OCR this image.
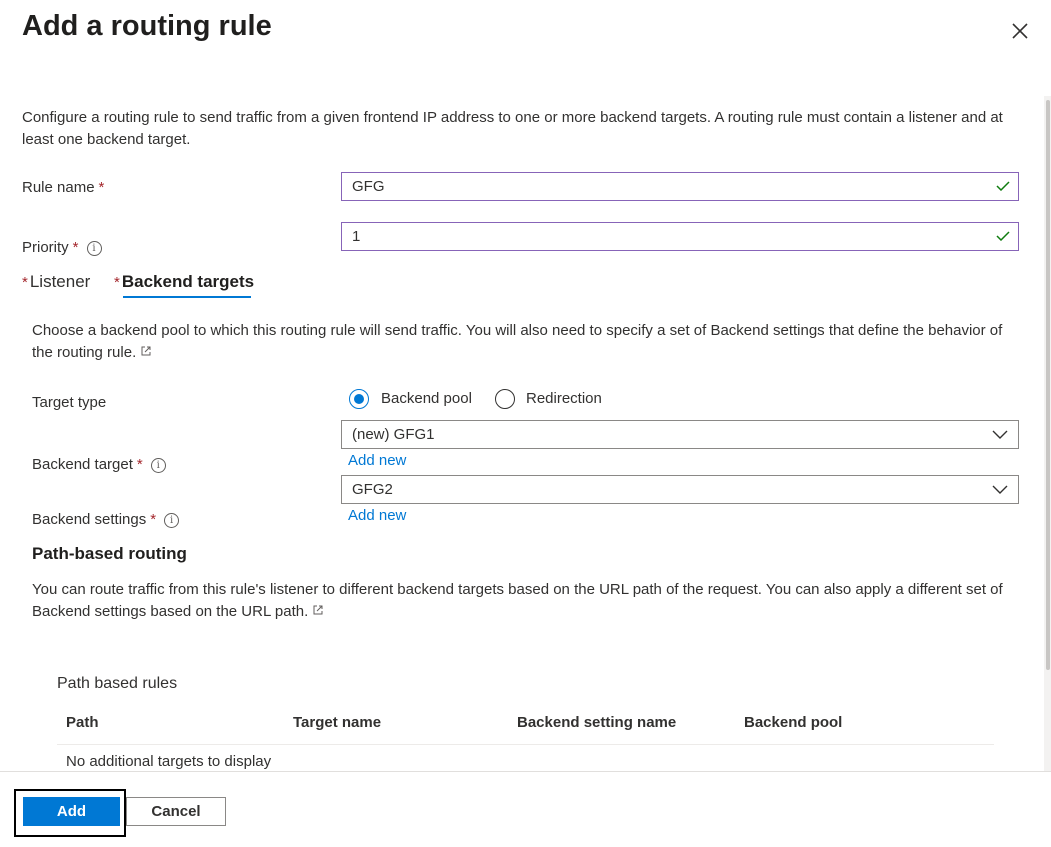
Add a routing rule
Configure a routing rule to send traffic from a given frontend IP address to one or more backend targets. A routing rule must contain a listener and at least one backend target.
Rule name *
GFG
Priority * i
1
* Listener * Backend targets
Choose a backend pool to which this routing rule will send traffic. You will also need to specify a set of Backend settings that define the behavior of the routing rule.
Target type	Backend pool	Redirection
Backend target * i
(new) GFG1
Add new
Backend settings * i
GFG2
Add new
Path-based routing
You can route traffic from this rule's listener to different backend targets based on the URL path of the request. You can also apply a different set of Backend settings based on the URL path.
Path based rules
Path	Target name	Backend setting name	Backend pool
No additional targets to display
Add	Cancel
